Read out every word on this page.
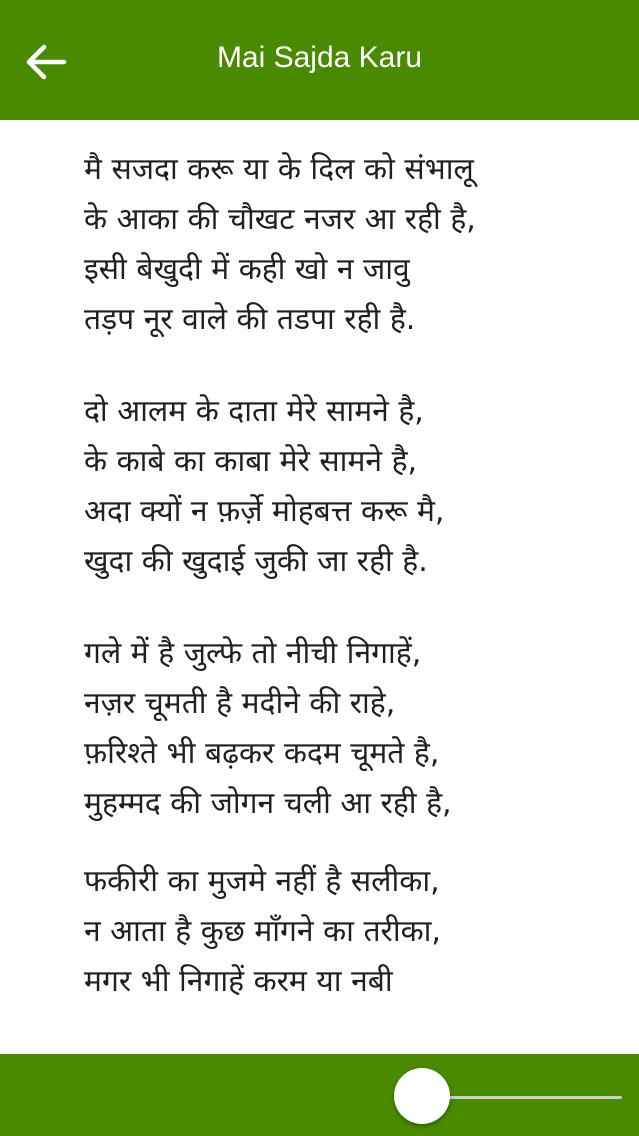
Mai Sajda Karu
मै सजदा करू या के दिल को संभालू
के आका की चौखट नजर आ रही है,
इसी बेखुदी में कही खो न जावु
तड़प नूर वाले की तडपा रही है.
दो आलम के दाता मेरे सामने है,
के काबे का काबा मेरे सामने है,
अदा क्यों न फ़र्ज़े मोहबत्त करू मै,
खुदा की खुदाई जुकी जा रही है.
गले में है जुल्फे तो नीची निगाहें,
नज़र चूमती है मदीने की राहे,
फ़रिश्ते भी बढ़कर कदम चूमते है,
मुहम्मद की जोगन चली आ रही है,
फकीरी का मुजमे नहीं है सलीका,
न आता है कुछ माँगने का तरीका,
मगर भी निगाहें करम या नबी
